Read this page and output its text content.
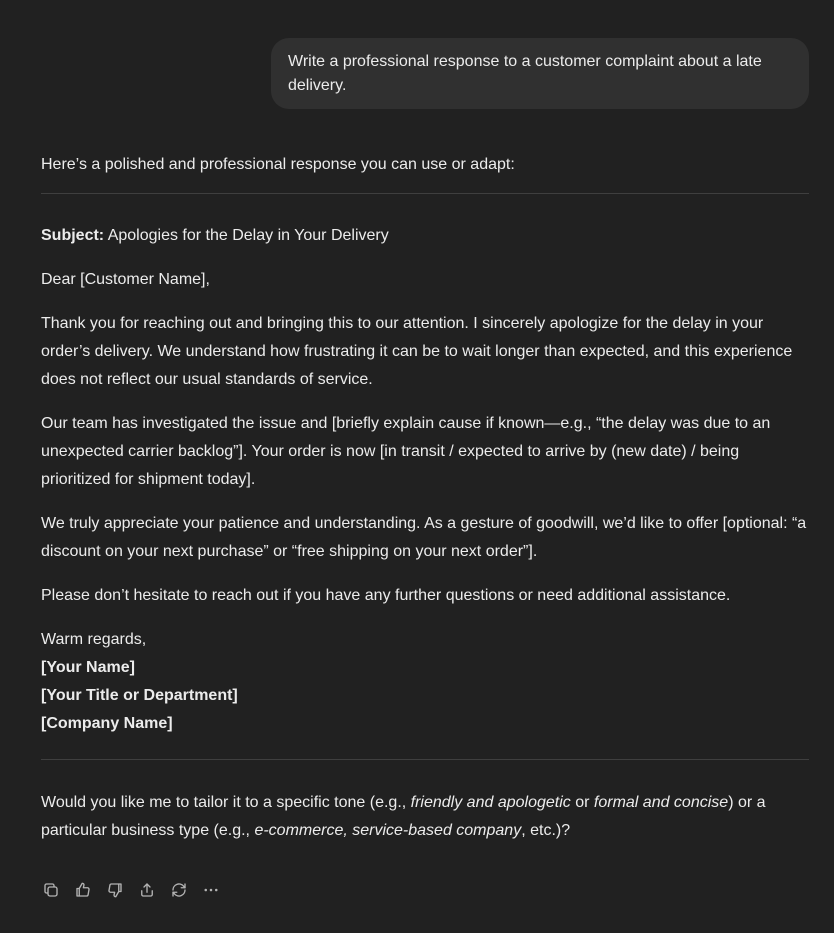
Write a professional response to a customer complaint about a late delivery.

Here’s a polished and professional response you can use or adapt:

Subject: Apologies for the Delay in Your Delivery

Dear [Customer Name],

Thank you for reaching out and bringing this to our attention. I sincerely apologize for the delay in your order’s delivery. We understand how frustrating it can be to wait longer than expected, and this experience does not reflect our usual standards of service.

Our team has investigated the issue and [briefly explain cause if known—e.g., “the delay was due to an unexpected carrier backlog”]. Your order is now [in transit / expected to arrive by (new date) / being prioritized for shipment today].

We truly appreciate your patience and understanding. As a gesture of goodwill, we’d like to offer [optional: “a discount on your next purchase” or “free shipping on your next order”].

Please don’t hesitate to reach out if you have any further questions or need additional assistance.

Warm regards,
[Your Name]
[Your Title or Department]
[Company Name]

Would you like me to tailor it to a specific tone (e.g., friendly and apologetic or formal and concise) or a particular business type (e.g., e-commerce, service-based company, etc.)?
